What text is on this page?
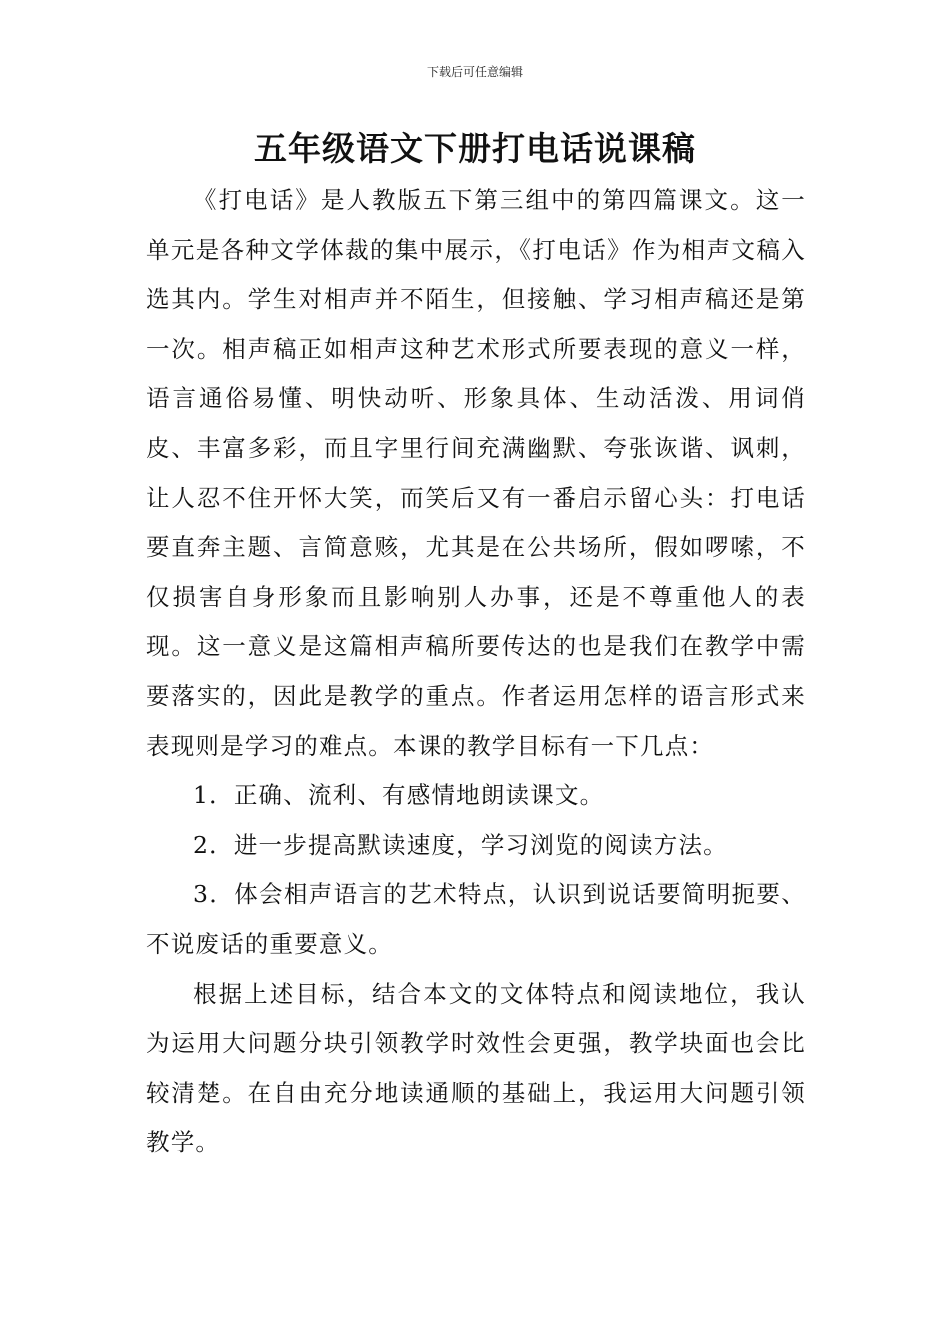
下载后可任意编辑
五年级语文下册打电话说课稿

《打电话》是人教版五下第三组中的第四篇课文。这一单元是各种文学体裁的集中展示，《打电话》作为相声文稿入选其内。学生对相声并不陌生，但接触、学习相声稿还是第一次。相声稿正如相声这种艺术形式所要表现的意义一样，语言通俗易懂、明快动听、形象具体、生动活泼、用词俏皮、丰富多彩，而且字里行间充满幽默、夸张诙谐、讽刺，让人忍不住开怀大笑，而笑后又有一番启示留心头：打电话要直奔主题、言简意赅，尤其是在公共场所，假如啰嗦，不仅损害自身形象而且影响别人办事，还是不尊重他人的表现。这一意义是这篇相声稿所要传达的也是我们在教学中需要落实的，因此是教学的重点。作者运用怎样的语言形式来表现则是学习的难点。本课的教学目标有一下几点：

1．正确、流利、有感情地朗读课文。

2．进一步提高默读速度，学习浏览的阅读方法。

3．体会相声语言的艺术特点，认识到说话要简明扼要、不说废话的重要意义。

根据上述目标，结合本文的文体特点和阅读地位，我认为运用大问题分块引领教学时效性会更强，教学块面也会比较清楚。在自由充分地读通顺的基础上，我运用大问题引领教学。
